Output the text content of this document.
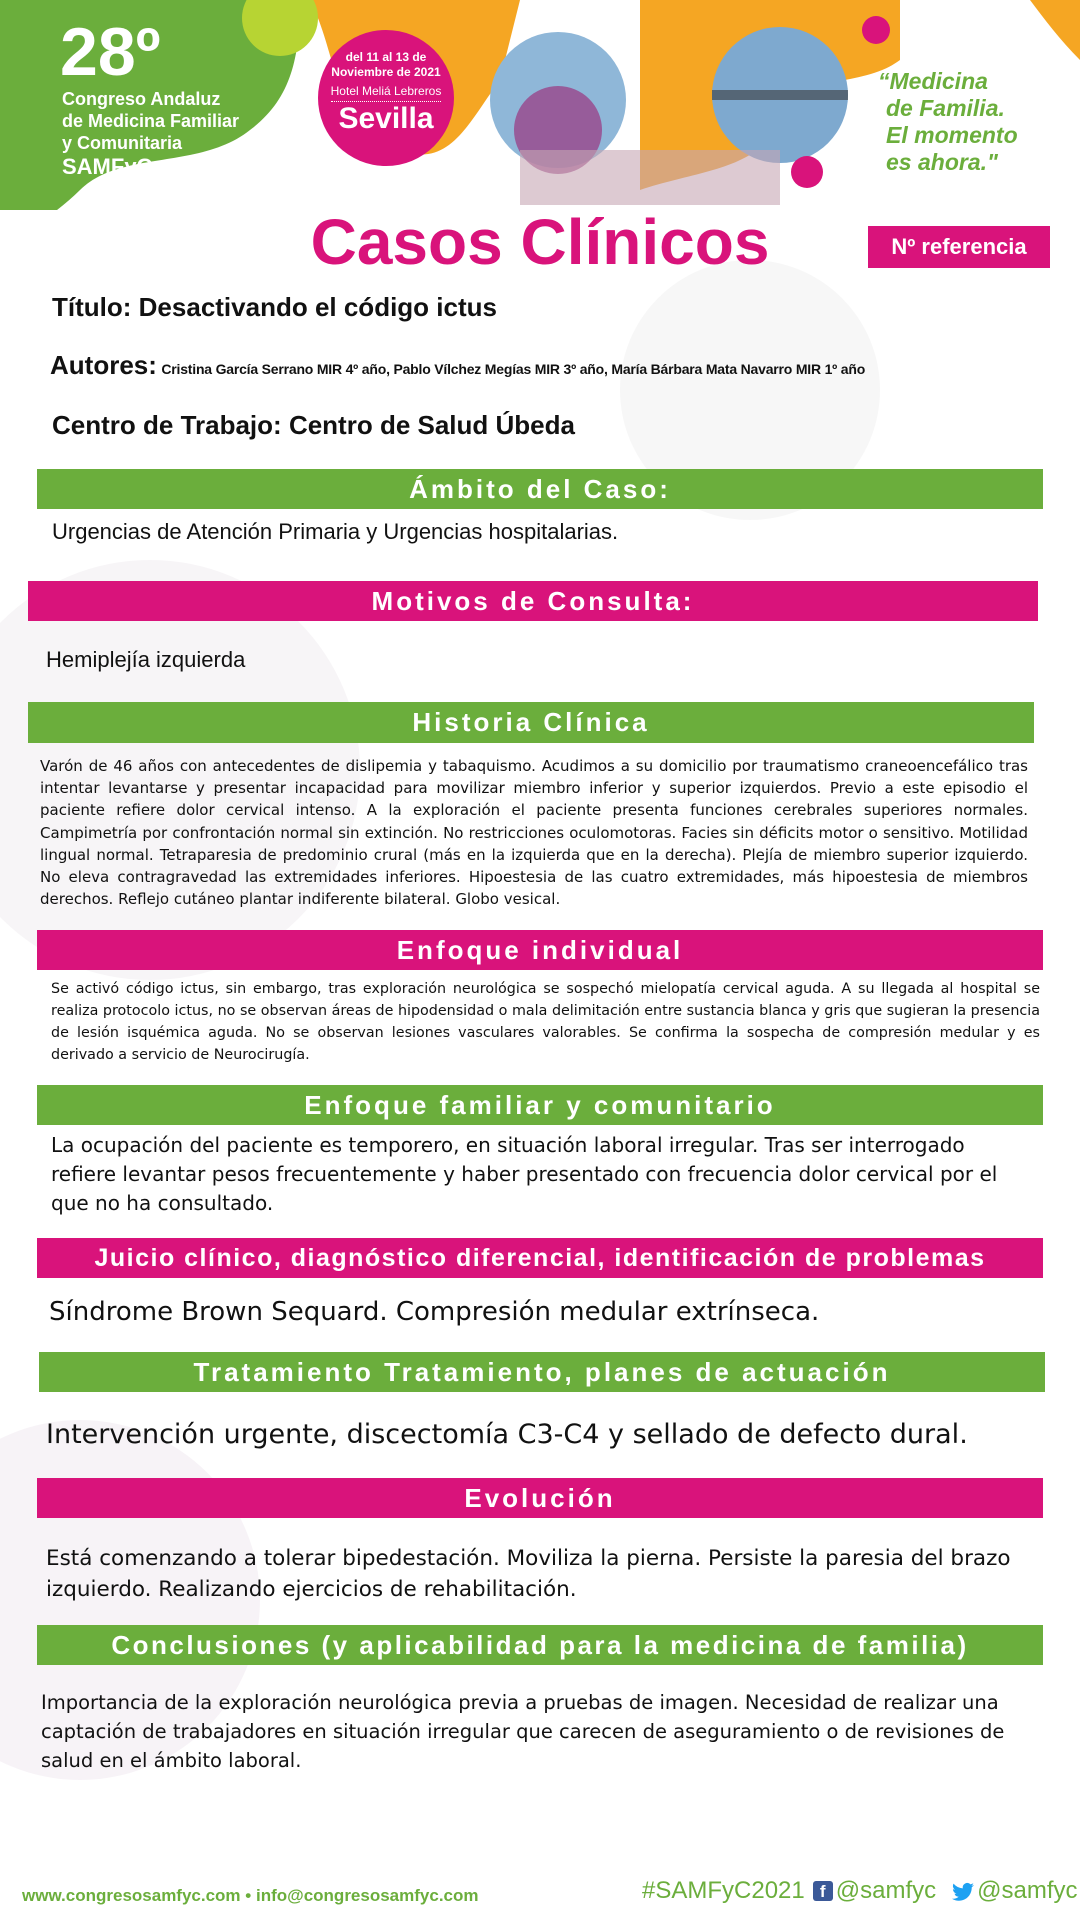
28º
Congreso Andaluz
de Medicina Familiar
y Comunitaria
SAMFyC
del 11 al 13 de
Noviembre de 2021
Hotel Meliá Lebreros
Sevilla
“Medicina
de Familia.
El momento
es ahora."
Casos Clínicos	Nº referencia
Título: Desactivando el código ictus
Autores: Cristina García Serrano MIR 4º año, Pablo Vílchez Megías MIR 3º año, María Bárbara Mata Navarro MIR 1º año
Centro de Trabajo: Centro de Salud Úbeda
Ámbito del Caso:
Urgencias de Atención Primaria y Urgencias hospitalarias.
Motivos de Consulta:
Hemiplejía izquierda
Historia Clínica
Varón de 46 años con antecedentes de dislipemia y tabaquismo. Acudimos a su domicilio por traumatismo craneoencefálico tras intentar levantarse y presentar incapacidad para movilizar miembro inferior y superior izquierdos. Previo a este episodio el paciente refiere dolor cervical intenso. A la exploración el paciente presenta funciones cerebrales superiores normales. Campimetría por confrontación normal sin extinción. No restricciones oculomotoras. Facies sin déficits motor o sensitivo. Motilidad lingual normal. Tetraparesia de predominio crural (más en la izquierda que en la derecha). Plejía de miembro superior izquierdo. No eleva contragravedad las extremidades inferiores. Hipoestesia de las cuatro extremidades, más hipoestesia de miembros derechos. Reflejo cutáneo plantar indiferente bilateral. Globo vesical.
Enfoque individual
Se activó código ictus, sin embargo, tras exploración neurológica se sospechó mielopatía cervical aguda. A su llegada al hospital se realiza protocolo ictus, no se observan áreas de hipodensidad o mala delimitación entre sustancia blanca y gris que sugieran la presencia de lesión isquémica aguda. No se observan lesiones vasculares valorables. Se confirma la sospecha de compresión medular y es derivado a servicio de Neurocirugía.
Enfoque familiar y comunitario
La ocupación del paciente es temporero, en situación laboral irregular. Tras ser interrogado refiere levantar pesos frecuentemente y haber presentado con frecuencia dolor cervical por el que no ha consultado.
Juicio clínico, diagnóstico diferencial, identificación de problemas
Síndrome Brown Sequard. Compresión medular extrínseca.
Tratamiento Tratamiento, planes de actuación
Intervención urgente, discectomía C3-C4 y sellado de defecto dural.
Evolución
Está comenzando a tolerar bipedestación. Moviliza la pierna. Persiste la paresia del brazo izquierdo. Realizando ejercicios de rehabilitación.
Conclusiones (y aplicabilidad para la medicina de familia)
Importancia de la exploración neurológica previa a pruebas de imagen. Necesidad de realizar una captación de trabajadores en situación irregular que carecen de aseguramiento o de revisiones de salud en el ámbito laboral.
www.congresosamfyc.com • info@congresosamfyc.com	#SAMFyC2021 f @samfyc @samfyc
